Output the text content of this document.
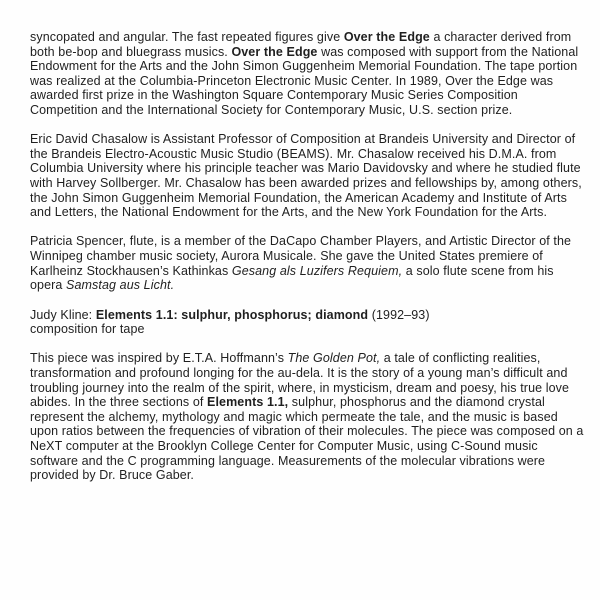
syncopated and angular. The fast repeated figures give Over the Edge a character derived from both be-bop and bluegrass musics. Over the Edge was composed with support from the National Endowment for the Arts and the John Simon Guggenheim Memorial Foundation. The tape portion was realized at the Columbia-Princeton Electronic Music Center. In 1989, Over the Edge was awarded first prize in the Washington Square Contemporary Music Series Composition Competition and the International Society for Contemporary Music, U.S. section prize.

Eric David Chasalow is Assistant Professor of Composition at Brandeis University and Director of the Brandeis Electro-Acoustic Music Studio (BEAMS). Mr. Chasalow received his D.M.A. from Columbia University where his principle teacher was Mario Davidovsky and where he studied flute with Harvey Sollberger. Mr. Chasalow has been awarded prizes and fellowships by, among others, the John Simon Guggenheim Memorial Foundation, the American Academy and Institute of Arts and Letters, the National Endowment for the Arts, and the New York Foundation for the Arts.

Patricia Spencer, flute, is a member of the DaCapo Chamber Players, and Artistic Director of the Winnipeg chamber music society, Aurora Musicale. She gave the United States premiere of Karlheinz Stockhausen’s Kathinkas Gesang als Luzifers Requiem, a solo flute scene from his opera Samstag aus Licht.

Judy Kline: Elements 1.1: sulphur, phosphorus; diamond (1992–93)
composition for tape

This piece was inspired by E.T.A. Hoffmann’s The Golden Pot, a tale of conflicting realities, transformation and profound longing for the au-dela. It is the story of a young man’s difficult and troubling journey into the realm of the spirit, where, in mysticism, dream and poesy, his true love abides. In the three sections of Elements 1.1, sulphur, phosphorus and the diamond crystal represent the alchemy, mythology and magic which permeate the tale, and the music is based upon ratios between the frequencies of vibration of their molecules. The piece was composed on a NeXT computer at the Brooklyn College Center for Computer Music, using C-Sound music software and the C programming language. Measurements of the molecular vibrations were provided by Dr. Bruce Gaber.
